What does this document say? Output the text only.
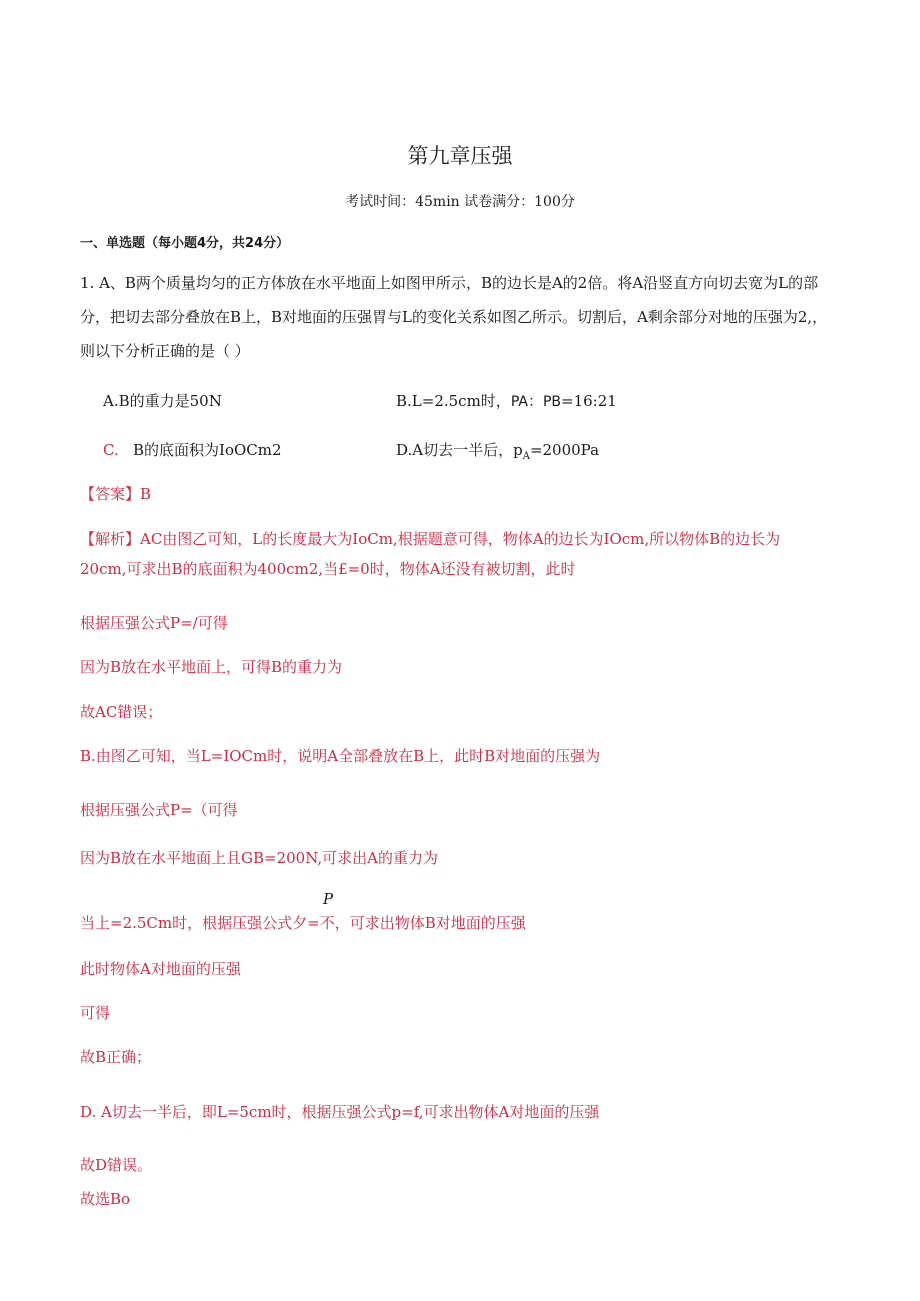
第九章压强
考试时间：45min 试卷满分：100分
一、单选题（每小题4分，共24分）
1. A、B两个质量均匀的正方体放在水平地面上如图甲所示，B的边长是A的2倍。将A沿竖直方向切去宽为L的部分，把切去部分叠放在B上，B对地面的压强胃与L的变化关系如图乙所示。切割后，A剩余部分对地的压强为2,，则以下分析正确的是（ ）
A.B的重力是50N	B.L=2.5cm时，PA：PB=16:21
C. B的底面积为IoOCm2	D.A切去一半后，$p_A=2000Pa$
【答案】B
【解析】AC由图乙可知，L的长度最大为IoCm,根据题意可得，物体A的边长为IOcm,所以物体B的边长为
20cm,可求出B的底面积为400cm2,当£=0时，物体A还没有被切割，此时
根据压强公式P=/可得
因为B放在水平地面上，可得B的重力为
故AC错误；
B.由图乙可知，当L=IOCm时，说明A全部叠放在B上，此时B对地面的压强为
根据压强公式P=（可得
因为B放在水平地面上且GB=200N,可求出A的重力为
P
当上=2.5Cm时，根据压强公式夕=不，可求出物体B对地面的压强
此时物体A对地面的压强
可得
故B正确；
D. A切去一半后，即L=5cm时，根据压强公式p=f,可求出物体A对地面的压强
故D错误。
故选Bo
